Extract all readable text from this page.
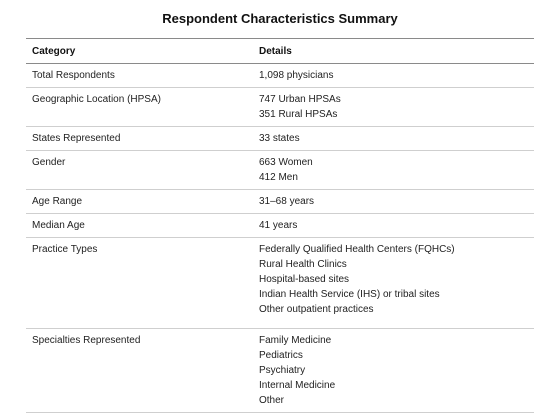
Respondent Characteristics Summary
Category	Details
Total Respondents	1,098 physicians

Geographic Location (HPSA)	747 Urban HPSAs
351 Rural HPSAs

States Represented	33 states

Gender	663 Women
412 Men

Age Range	31–68 years

Median Age	41 years

Practice Types	Federally Qualified Health Centers (FQHCs)
Rural Health Clinics
Hospital-based sites
Indian Health Service (IHS) or tribal sites
Other outpatient practices

Specialties Represented	Family Medicine
Pediatrics
Psychiatry
Internal Medicine
Other
